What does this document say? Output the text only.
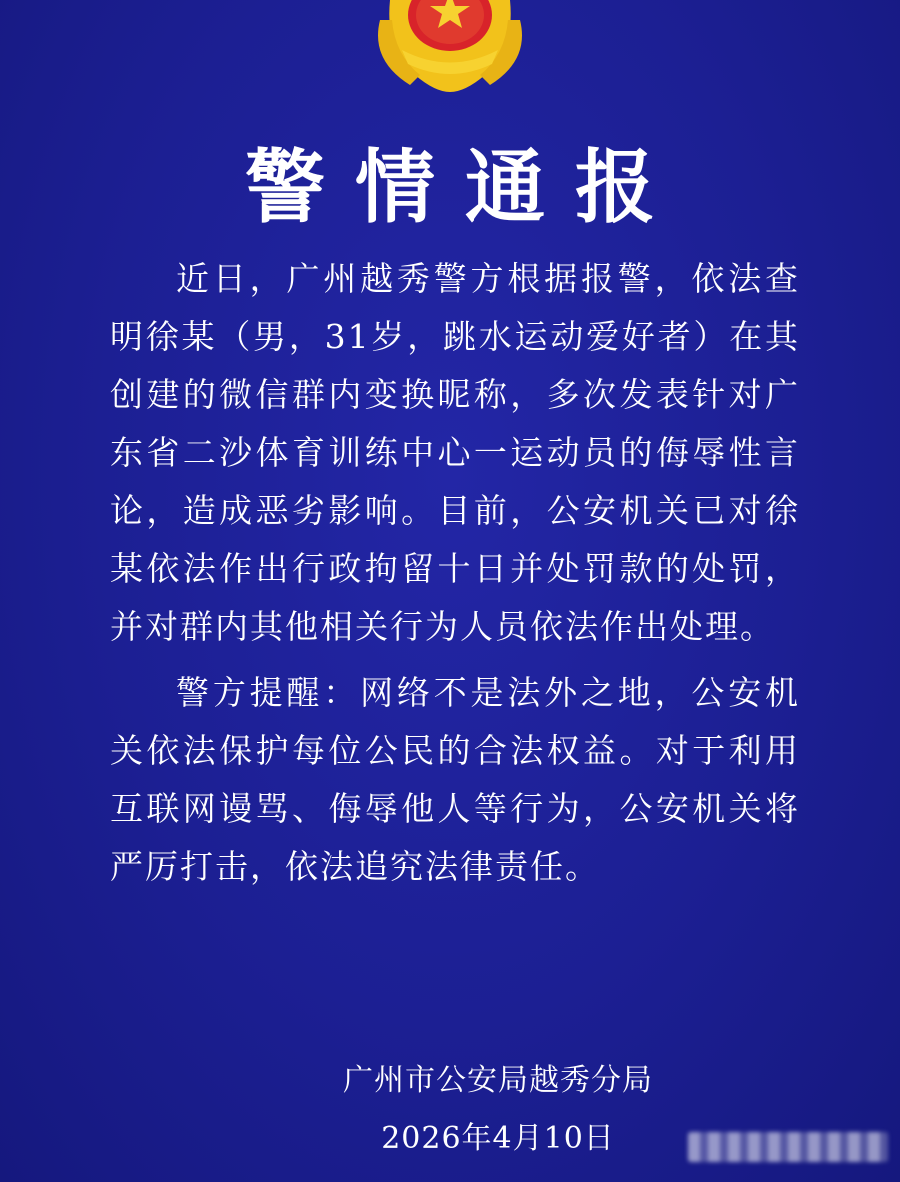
警情通报

近日，广州越秀警方根据报警，依法查明徐某（男，31岁，跳水运动爱好者）在其创建的微信群内变换昵称，多次发表针对广东省二沙体育训练中心一运动员的侮辱性言论，造成恶劣影响。目前，公安机关已对徐某依法作出行政拘留十日并处罚款的处罚，并对群内其他相关行为人员依法作出处理。

警方提醒：网络不是法外之地，公安机关依法保护每位公民的合法权益。对于利用互联网谩骂、侮辱他人等行为，公安机关将严厉打击，依法追究法律责任。

广州市公安局越秀分局
2026年4月10日
